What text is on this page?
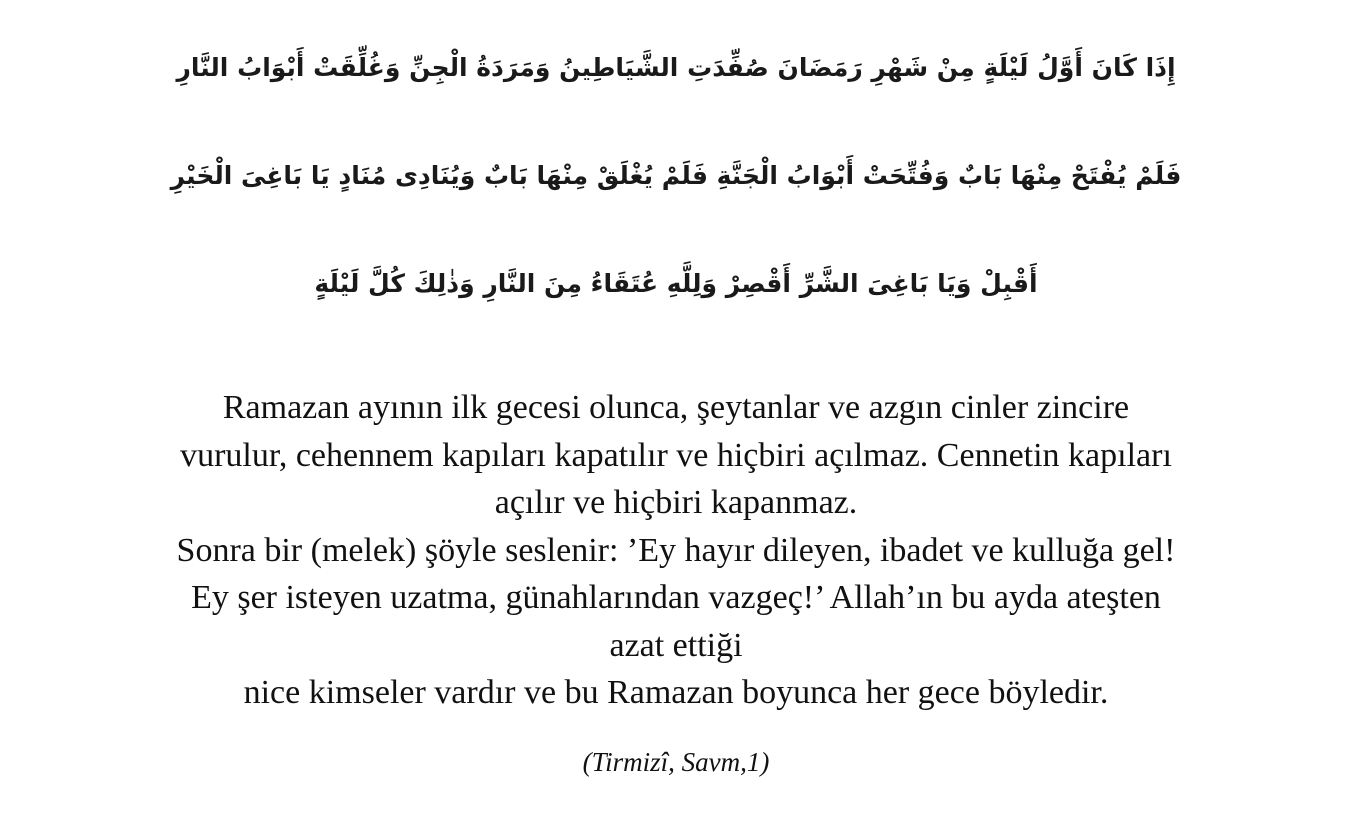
إِذَا كَانَ أَوَّلُ لَيْلَةٍ مِنْ شَهْرِ رَمَضَانَ صُفِّدَتِ الشَّيَاطِينُ وَمَرَدَةُ الْجِنِّ وَغُلِّقَتْ أَبْوَابُ النَّارِ
فَلَمْ يُفْتَحْ مِنْهَا بَابٌ وَفُتِّحَتْ أَبْوَابُ الْجَنَّةِ فَلَمْ يُغْلَقْ مِنْهَا بَابٌ وَيُنَادِى مُنَادٍ يَا بَاغِىَ الْخَيْرِ
أَقْبِلْ وَيَا بَاغِىَ الشَّرِّ أَقْصِرْ وَلِلَّهِ عُتَقَاءُ مِنَ النَّارِ وَذٰلِكَ كُلَّ لَيْلَةٍ
Ramazan ayının ilk gecesi olunca, şeytanlar ve azgın cinler zincire
vurulur, cehennem kapıları kapatılır ve hiçbiri açılmaz. Cennetin kapıları
açılır ve hiçbiri kapanmaz.
Sonra bir (melek) şöyle seslenir: ’Ey hayır dileyen, ibadet ve kulluğa gel!
Ey şer isteyen uzatma, günahlarından vazgeç!’ Allah’ın bu ayda ateşten
azat ettiği
nice kimseler vardır ve bu Ramazan boyunca her gece böyledir.
(Tirmizî, Savm,1)
